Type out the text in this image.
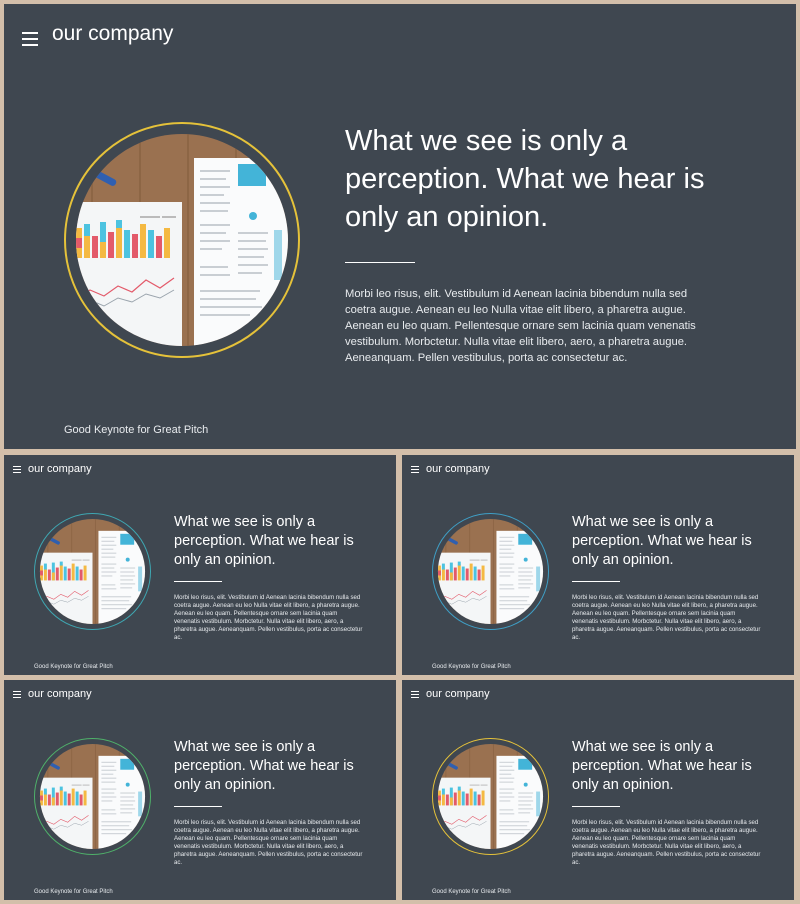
our company
What we see is only a perception. What we hear is only an opinion.
Morbi leo risus, elit. Vestibulum id Aenean lacinia bibendum nulla sed coetra augue. Aenean eu leo Nulla vitae elit libero, a pharetra augue. Aenean eu leo quam. Pellentesque ornare sem lacinia quam venenatis vestibulum. Morbctetur. Nulla vitae elit libero, aero, a pharetra augue. Aeneanquam. Pellen vestibulus, porta ac consectetur ac.
Good Keynote for Great Pitch
our company
What we see is only a perception. What we hear is only an opinion.
Morbi leo risus, elit. Vestibulum id Aenean lacinia bibendum nulla sed coetra augue. Aenean eu leo Nulla vitae elit libero, a pharetra augue. Aenean eu leo quam. Pellentesque ornare sem lacinia quam venenatis vestibulum. Morbctetur. Nulla vitae elit libero, aero, a pharetra augue. Aeneanquam. Pellen vestibulus, porta ac consectetur ac.
Good Keynote for Great Pitch
our company
What we see is only a perception. What we hear is only an opinion.
Morbi leo risus, elit. Vestibulum id Aenean lacinia bibendum nulla sed coetra augue. Aenean eu leo Nulla vitae elit libero, a pharetra augue. Aenean eu leo quam. Pellentesque ornare sem lacinia quam venenatis vestibulum. Morbctetur. Nulla vitae elit libero, aero, a pharetra augue. Aeneanquam. Pellen vestibulus, porta ac consectetur ac.
Good Keynote for Great Pitch
our company
What we see is only a perception. What we hear is only an opinion.
Morbi leo risus, elit. Vestibulum id Aenean lacinia bibendum nulla sed coetra augue. Aenean eu leo Nulla vitae elit libero, a pharetra augue. Aenean eu leo quam. Pellentesque ornare sem lacinia quam venenatis vestibulum. Morbctetur. Nulla vitae elit libero, aero, a pharetra augue. Aeneanquam. Pellen vestibulus, porta ac consectetur ac.
Good Keynote for Great Pitch
our company
What we see is only a perception. What we hear is only an opinion.
Morbi leo risus, elit. Vestibulum id Aenean lacinia bibendum nulla sed coetra augue. Aenean eu leo Nulla vitae elit libero, a pharetra augue. Aenean eu leo quam. Pellentesque ornare sem lacinia quam venenatis vestibulum. Morbctetur. Nulla vitae elit libero, aero, a pharetra augue. Aeneanquam. Pellen vestibulus, porta ac consectetur ac.
Good Keynote for Great Pitch
